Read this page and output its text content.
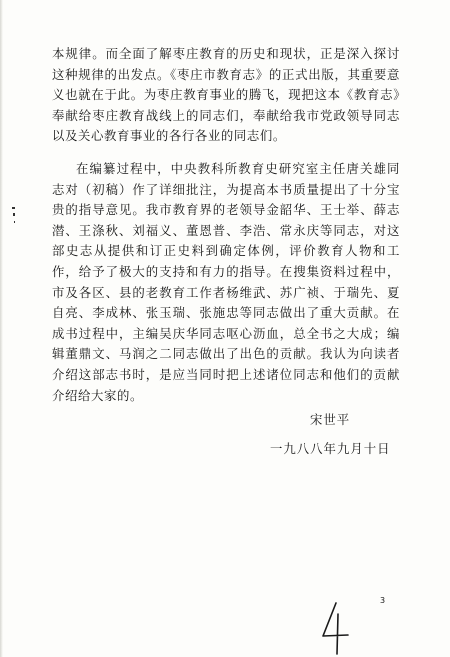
本规律。而全面了解枣庄教育的历史和现状，正是深入探讨这种规律的出发点。《枣庄市教育志》的正式出版，其重要意义也就在于此。为枣庄教育事业的腾飞，现把这本《教育志》奉献给枣庄教育战线上的同志们，奉献给我市党政领导同志以及关心教育事业的各行各业的同志们。

在编纂过程中，中央教科所教育史研究室主任唐关雄同志对（初稿）作了详细批注，为提高本书质量提出了十分宝贵的指导意见。我市教育界的老领导金韶华、王士举、薛志潜、王涤秋、刘福义、董恩普、李浩、常永庆等同志，对这部史志从提供和订正史料到确定体例，评价教育人物和工作，给予了极大的支持和有力的指导。在搜集资料过程中，市及各区、县的老教育工作者杨维武、苏广祯、于瑞先、夏自亮、李成林、张玉瑞、张施忠等同志做出了重大贡献。在成书过程中，主编吴庆华同志呕心沥血，总全书之大成；编辑董鼎文、马润之二同志做出了出色的贡献。我认为向读者介绍这部志书时，是应当同时把上述诸位同志和他们的贡献介绍给大家的。

宋世平

一九八八年九月十日

3
